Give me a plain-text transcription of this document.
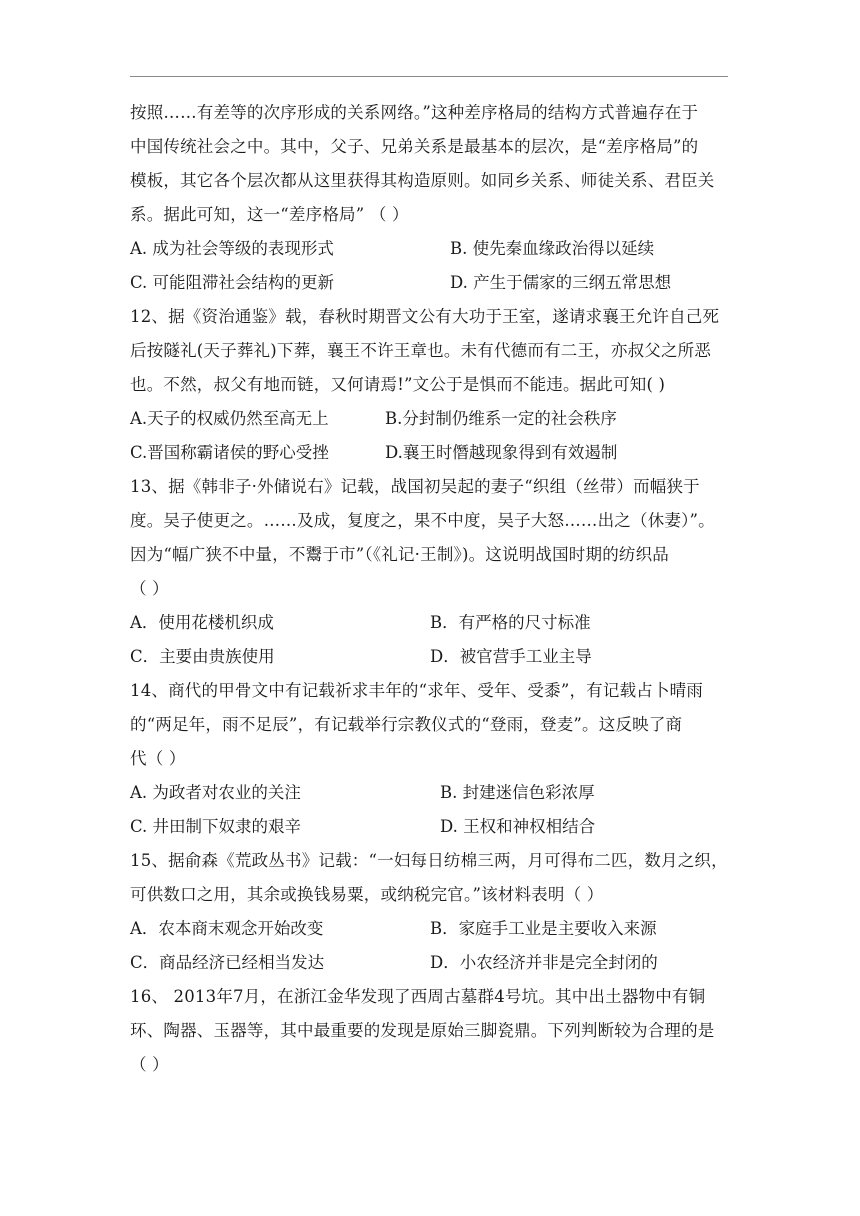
按照……有差等的次序形成的关系网络。”这种差序格局的结构方式普遍存在于
中国传统社会之中。其中，父子、兄弟关系是最基本的层次，是“差序格局”的
模板，其它各个层次都从这里获得其构造原则。如同乡关系、师徒关系、君臣关
系。据此可知，这一“差序格局” （ ）
A. 成为社会等级的表现形式	B. 使先秦血缘政治得以延续
C. 可能阻滞社会结构的更新	D. 产生于儒家的三纲五常思想
12、据《资治通鉴》载，春秋时期晋文公有大功于王室，遂请求襄王允许自己死
后按隧礼(天子葬礼)下葬，襄王不许王章也。未有代德而有二王，亦叔父之所恶
也。不然，叔父有地而链，又何请焉!”文公于是惧而不能违。据此可知( )
A.天子的权威仍然至高无上	B.分封制仍维系一定的社会秩序
C.晋国称霸诸侯的野心受挫	D.襄王时僭越现象得到有效遏制
13、据《韩非子·外储说右》记载，战国初吴起的妻子“织组（丝带）而幅狭于
度。吴子使更之。……及成，复度之，果不中度，吴子大怒……出之（休妻）”。
因为“幅广狭不中量，不鬻于市”（《礼记·王制》)。这说明战国时期的纺织品
（ ）
A．使用花楼机织成	B．有严格的尺寸标准
C．主要由贵族使用	D．被官营手工业主导
14、商代的甲骨文中有记载祈求丰年的“求年、受年、受黍”，有记载占卜晴雨
的“两足年，雨不足辰”，有记载举行宗教仪式的“登雨，登麦”。这反映了商
代（ ）
A. 为政者对农业的关注	B. 封建迷信色彩浓厚
C. 井田制下奴隶的艰辛	D. 王权和神权相结合
15、据俞森《荒政丛书》记载：“一妇每日纺棉三两，月可得布二匹，数月之织，
可供数口之用，其余或换钱易粟，或纳税完官。”该材料表明（ ）
A．农本商末观念开始改变	B．家庭手工业是主要收入来源
C．商品经济已经相当发达	D．小农经济并非是完全封闭的
16、 2013年7月，在浙江金华发现了西周古墓群4号坑。其中出土器物中有铜
环、陶器、玉器等，其中最重要的发现是原始三脚瓷鼎。下列判断较为合理的是
（ ）
